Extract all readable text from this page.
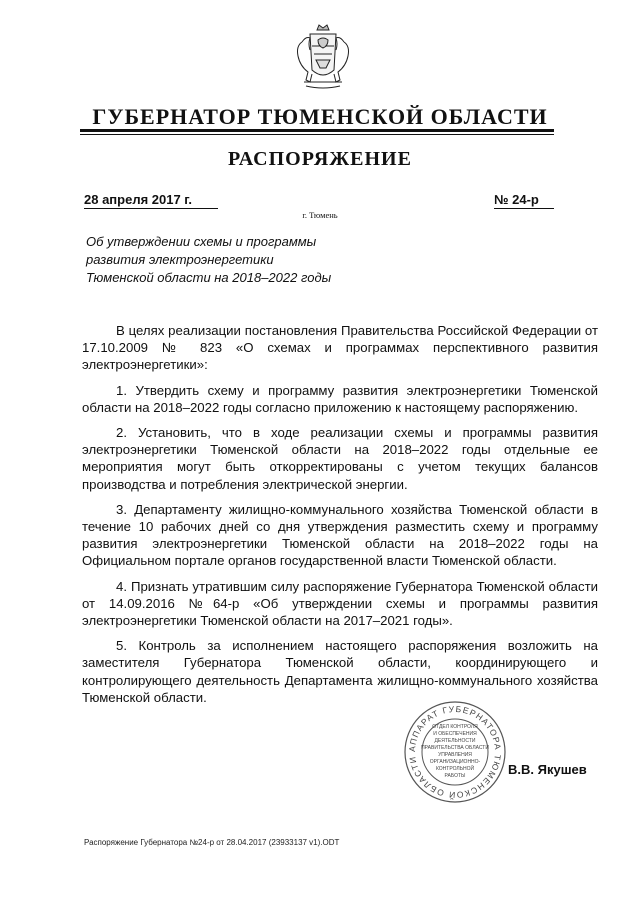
ГУБЕРНАТОР ТЮМЕНСКОЙ ОБЛАСТИ
РАСПОРЯЖЕНИЕ
28 апреля 2017 г.	№ 24-р
г. Тюмень
Об утверждении схемы и программы
развития электроэнергетики
Тюменской области на 2018–2022 годы

В целях реализации постановления Правительства Российской Федерации от 17.10.2009 № 823 «О схемах и программах перспективного развития электроэнергетики»:

1. Утвердить схему и программу развития электроэнергетики Тюменской области на 2018–2022 годы согласно приложению к настоящему распоряжению.

2. Установить, что в ходе реализации схемы и программы развития электроэнергетики Тюменской области на 2018–2022 годы отдельные ее мероприятия могут быть откорректированы с учетом текущих балансов производства и потребления электрической энергии.

3. Департаменту жилищно-коммунального хозяйства Тюменской области в течение 10 рабочих дней со дня утверждения разместить схему и программу развития электроэнергетики Тюменской области на 2018–2022 годы на Официальном портале органов государственной власти Тюменской области.

4. Признать утратившим силу распоряжение Губернатора Тюменской области от 14.09.2016 №64-р «Об утверждении схемы и программы развития электроэнергетики Тюменской области на 2017–2021 годы».

5. Контроль за исполнением настоящего распоряжения возложить на заместителя Губернатора Тюменской области, координирующего и контролирующего деятельность Департамента жилищно-коммунального хозяйства Тюменской области.

АППАРАТ ГУБЕРНАТОРА ТЮМЕНСКОЙ ОБЛАСТИ
ОТДЕЛ КОНТРОЛЯ
И ОБЕСПЕЧЕНИЯ
ДЕЯТЕЛЬНОСТИ
ПРАВИТЕЛЬСТВА ОБЛАСТИ
УПРАВЛЕНИЯ
ОРГАНИЗАЦИОННО-
КОНТРОЛЬНОЙ
РАБОТЫ	В.В. Якушев
Распоряжение Губернатора №24-р от 28.04.2017 (23933137 v1).ODT
